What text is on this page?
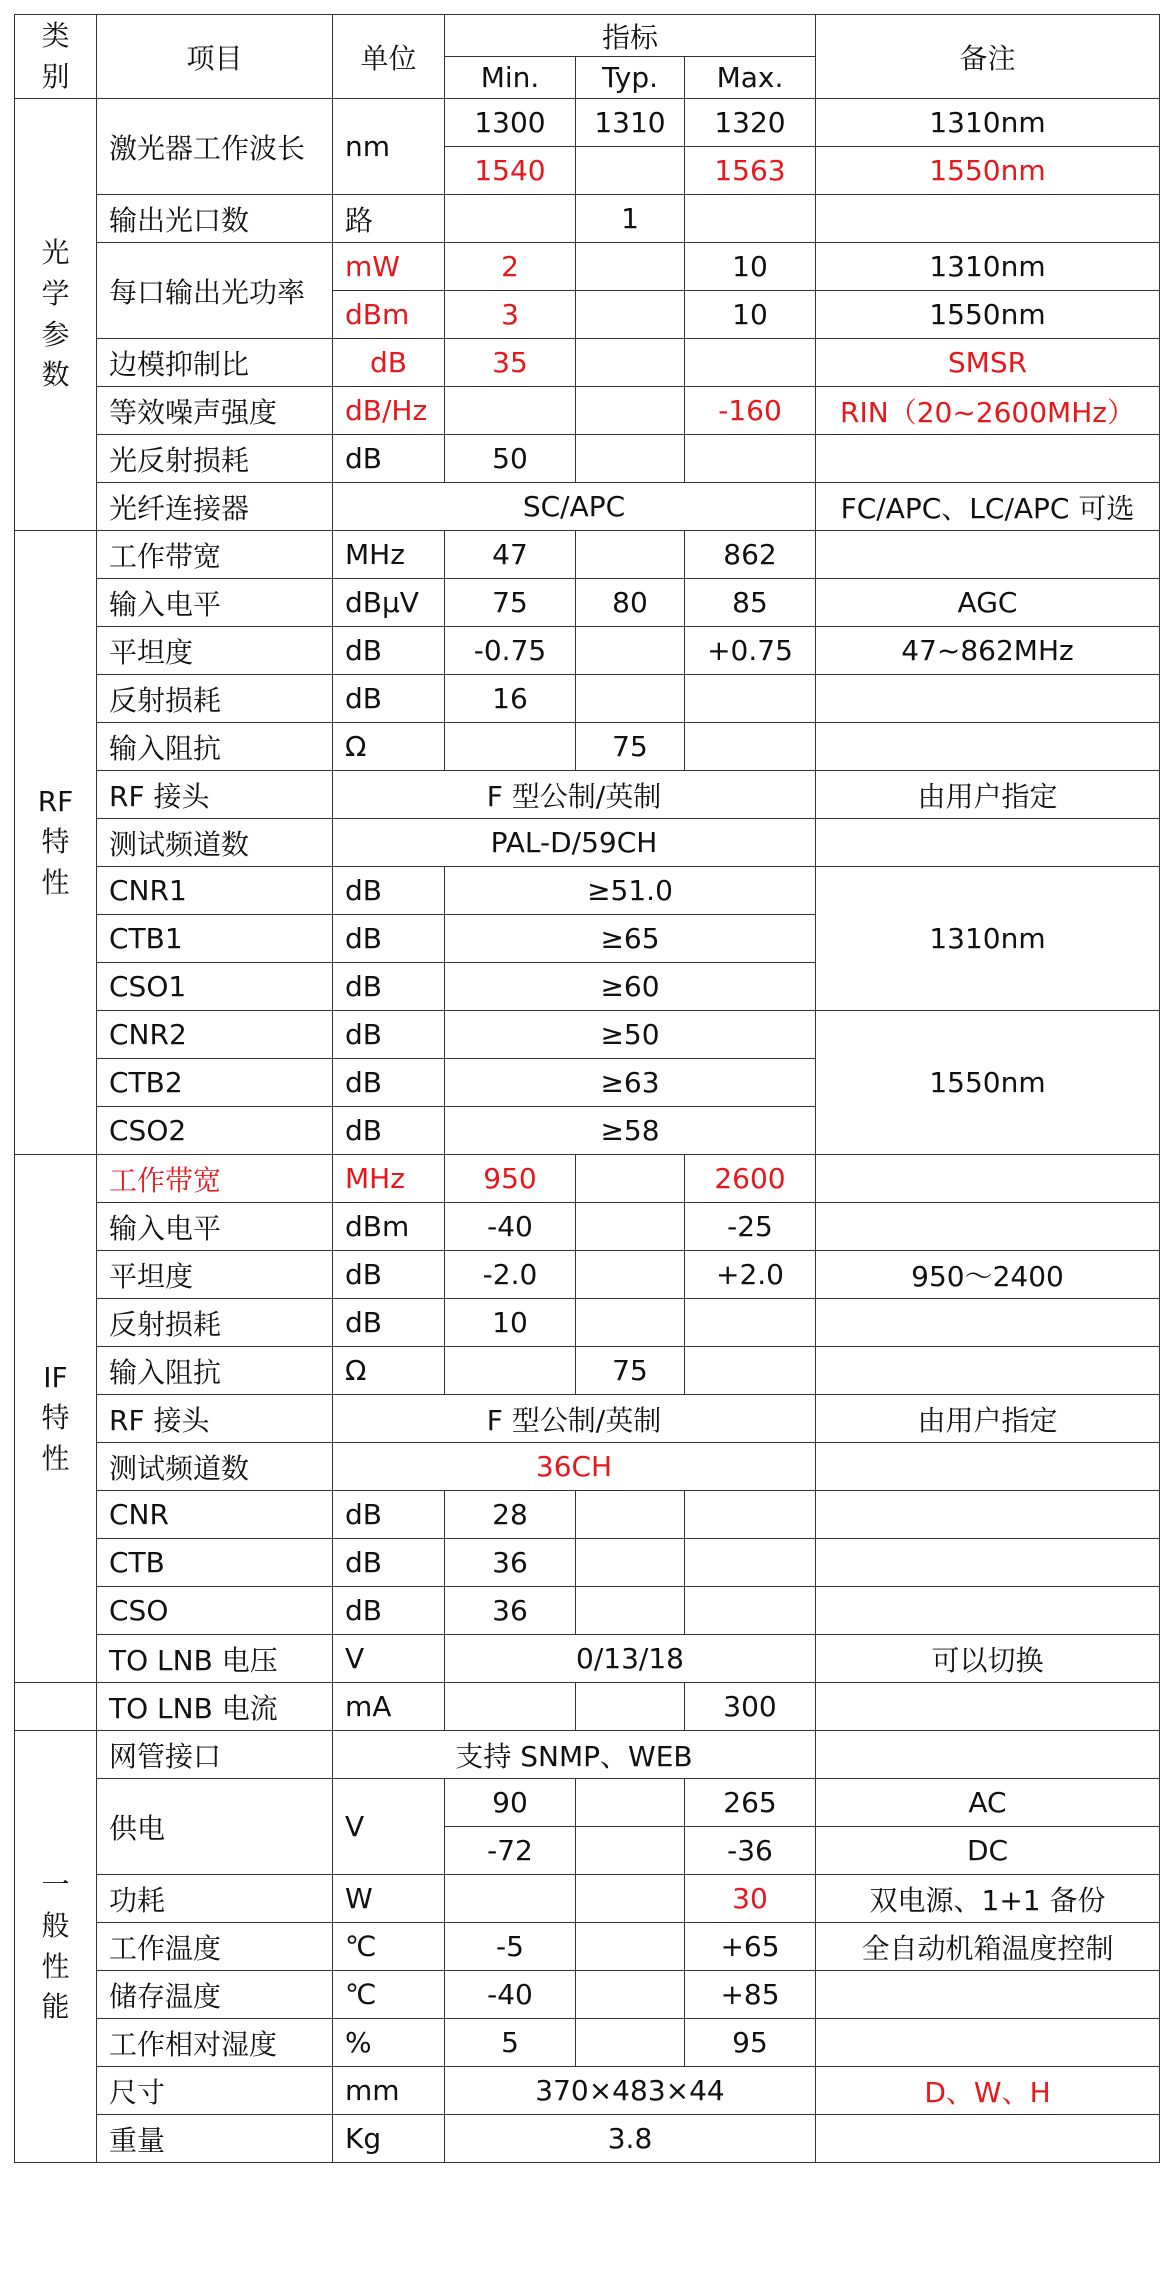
类
别	项目	单位	指标			备注
			Min.	Typ.	Max.	
光
学
参
数	激光器工作波长	nm	1300	1310	1320	1310nm
			1540		1563	1550nm
	输出光口数	路		1		
	每口输出光功率	mW	2		10	1310nm
		dBm	3		10	1550nm
	边模抑制比	dB	35			SMSR
	等效噪声强度	dB/Hz			-160	RIN（20~2600MHz）
	光反射损耗	dB	50			
	光纤连接器	SC/APC				FC/APC、LC/APC 可选
RF
特
性	工作带宽	MHz	47		862	
	输入电平	dBμV	75	80	85	AGC
	平坦度	dB	-0.75		+0.75	47~862MHz
	反射损耗	dB	16			
	输入阻抗	Ω		75		
	RF 接头	F 型公制/英制				由用户指定
	测试频道数	PAL-D/59CH				
	CNR1	dB	≥51.0			1310nm
	CTB1	dB	≥65			
	CSO1	dB	≥60			
	CNR2	dB	≥50			1550nm
	CTB2	dB	≥63			
	CSO2	dB	≥58			
IF
特
性	工作带宽	MHz	950		2600	
	输入电平	dBm	-40		-25	
	平坦度	dB	-2.0		+2.0	950～2400
	反射损耗	dB	10			
	输入阻抗	Ω		75		
	RF 接头	F 型公制/英制				由用户指定
	测试频道数	36CH				
	CNR	dB	28			
	CTB	dB	36			
	CSO	dB	36			
	TO LNB 电压	V	0/13/18			可以切换
	TO LNB 电流	mA			300	
一
般
性
能	网管接口	支持 SNMP、WEB				
	供电	V	90		265	AC
			-72		-36	DC
	功耗	W			30	双电源、1+1 备份
	工作温度	℃	-5		+65	全自动机箱温度控制
	储存温度	℃	-40		+85	
	工作相对湿度	%	5		95	
	尺寸	mm	370×483×44			D、W、H
	重量	Kg	3.8			
